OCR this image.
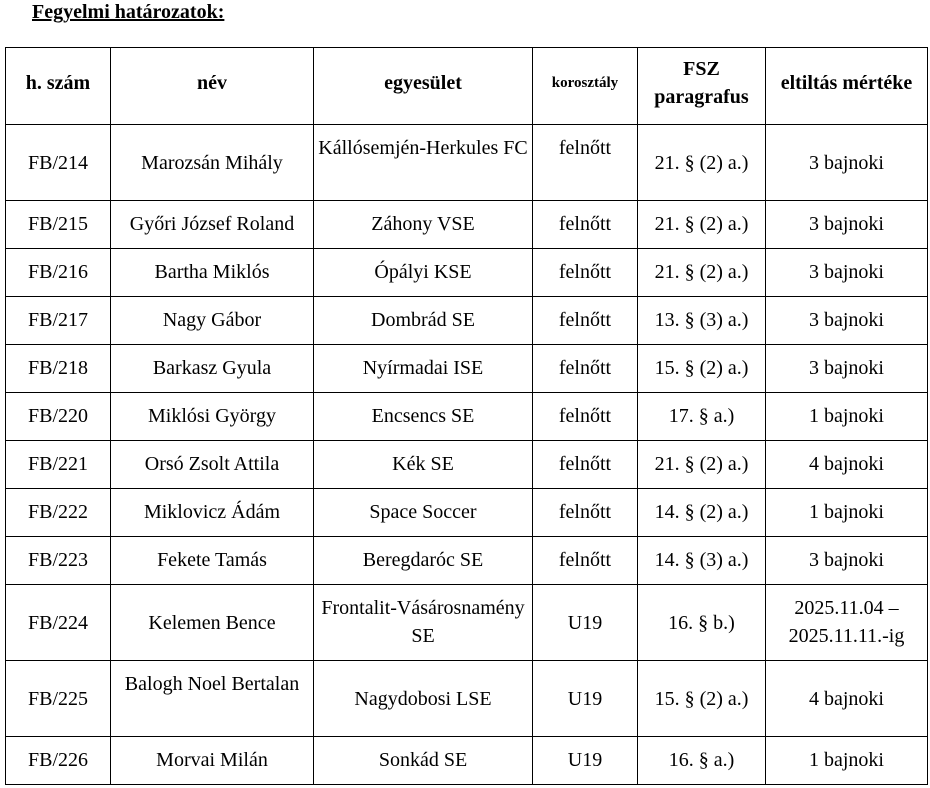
Fegyelmi határozatok:
h. szám	név	egyesület	korosztály	FSZ paragrafus	eltiltás mértéke
FB/214	Marozsán Mihály	Kállósemjén-Herkules FC	felnőtt	21. § (2) a.)	3 bajnoki
FB/215	Győri József Roland	Záhony VSE	felnőtt	21. § (2) a.)	3 bajnoki
FB/216	Bartha Miklós	Ópályi KSE	felnőtt	21. § (2) a.)	3 bajnoki
FB/217	Nagy Gábor	Dombrád SE	felnőtt	13. § (3) a.)	3 bajnoki
FB/218	Barkasz Gyula	Nyírmadai ISE	felnőtt	15. § (2) a.)	3 bajnoki
FB/220	Miklósi György	Encsencs SE	felnőtt	17. § a.)	1 bajnoki
FB/221	Orsó Zsolt Attila	Kék SE	felnőtt	21. § (2) a.)	4 bajnoki
FB/222	Miklovicz Ádám	Space Soccer	felnőtt	14. § (2) a.)	1 bajnoki
FB/223	Fekete Tamás	Beregdaróc SE	felnőtt	14. § (3) a.)	3 bajnoki
FB/224	Kelemen Bence	Frontalit-Vásárosnamény SE	U19	16. § b.)	2025.11.04 – 2025.11.11.-ig
FB/225	Balogh Noel Bertalan	Nagydobosi LSE	U19	15. § (2) a.)	4 bajnoki
FB/226	Morvai Milán	Sonkád SE	U19	16. § a.)	1 bajnoki
